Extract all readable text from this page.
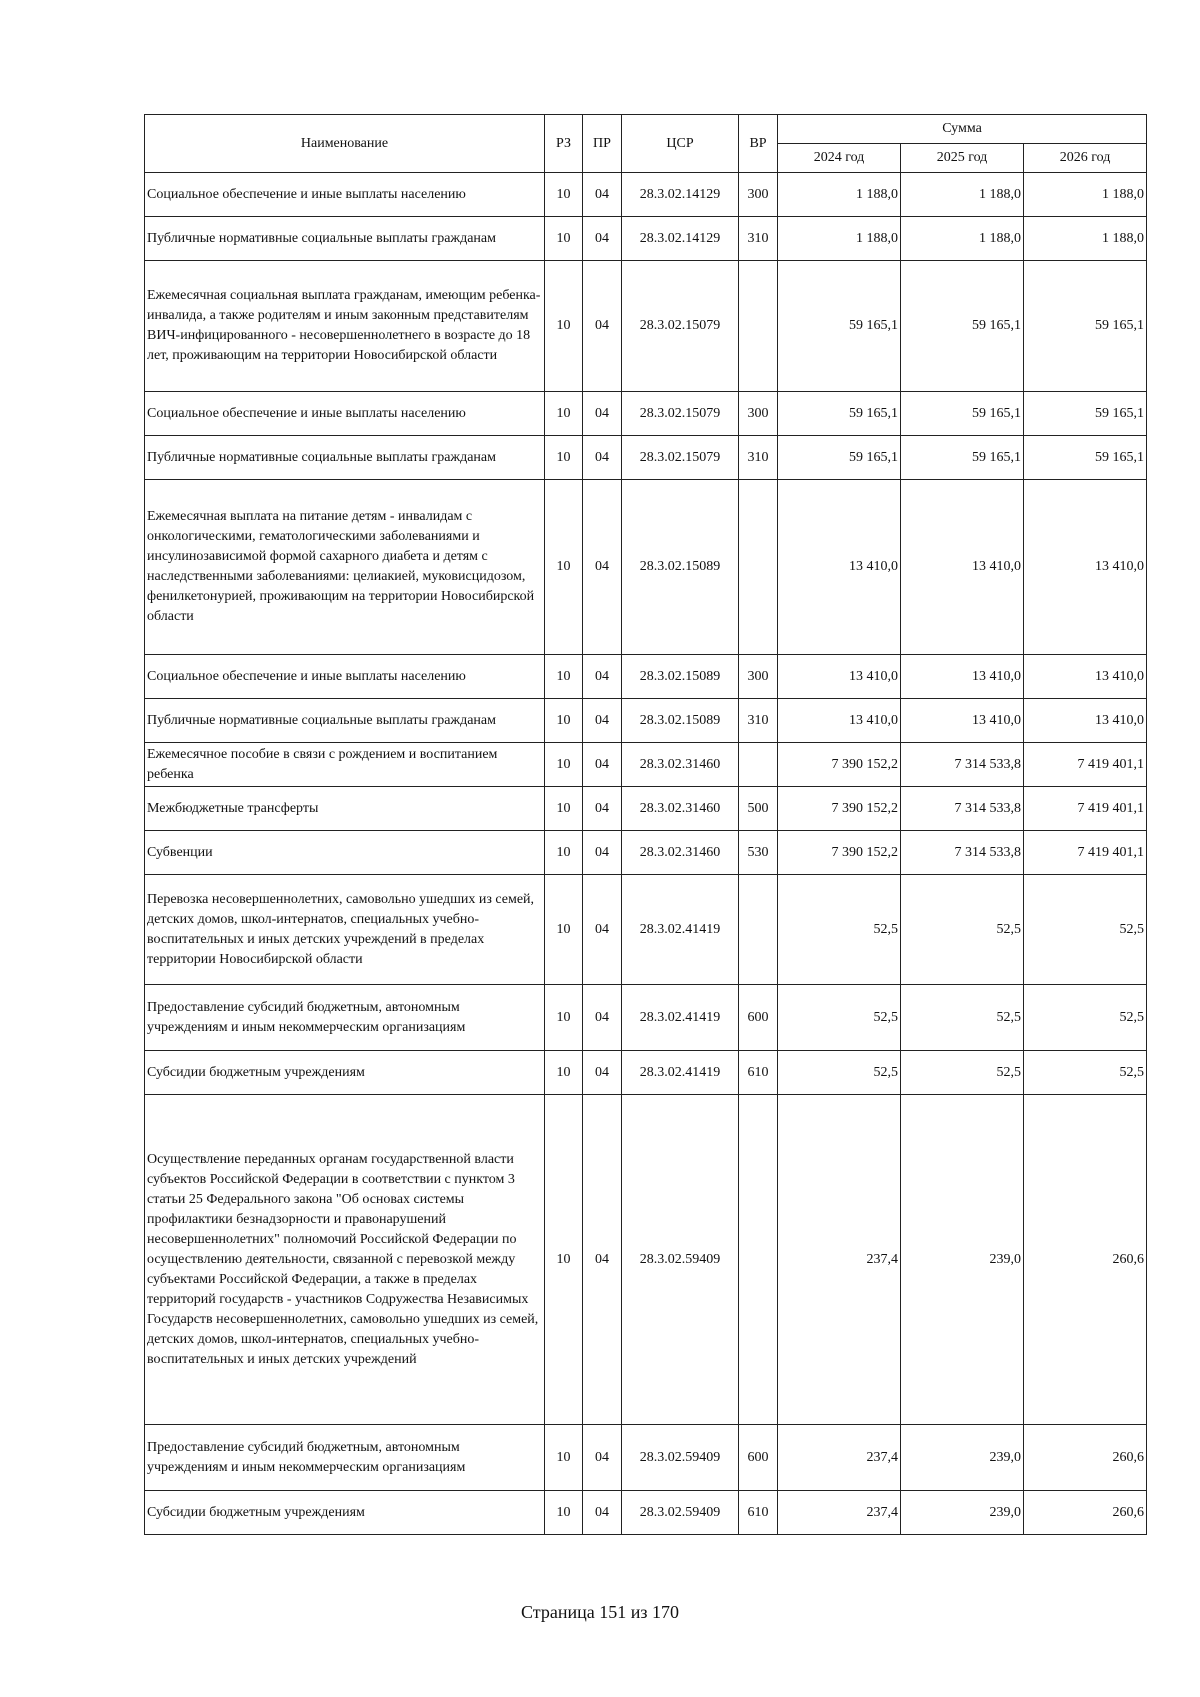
Наименование	РЗ	ПР	ЦСР	ВР	Сумма		
					2024 год	2025 год	2026 год
Социальное обеспечение и иные выплаты населению	10	04	28.3.02.14129	300	1 188,0	1 188,0	1 188,0
Публичные нормативные социальные выплаты гражданам	10	04	28.3.02.14129	310	1 188,0	1 188,0	1 188,0
Ежемесячная социальная выплата гражданам, имеющим ребенка-инвалида, а также родителям и иным законным представителям ВИЧ-инфицированного - несовершеннолетнего в возрасте до 18 лет, проживающим на территории Новосибирской области	10	04	28.3.02.15079		59 165,1	59 165,1	59 165,1
Социальное обеспечение и иные выплаты населению	10	04	28.3.02.15079	300	59 165,1	59 165,1	59 165,1
Публичные нормативные социальные выплаты гражданам	10	04	28.3.02.15079	310	59 165,1	59 165,1	59 165,1
Ежемесячная выплата на питание детям - инвалидам с онкологическими, гематологическими заболеваниями и инсулинозависимой формой сахарного диабета и детям с наследственными заболеваниями: целиакией, муковисцидозом, фенилкетонурией, проживающим на территории Новосибирской области	10	04	28.3.02.15089		13 410,0	13 410,0	13 410,0
Социальное обеспечение и иные выплаты населению	10	04	28.3.02.15089	300	13 410,0	13 410,0	13 410,0
Публичные нормативные социальные выплаты гражданам	10	04	28.3.02.15089	310	13 410,0	13 410,0	13 410,0
Ежемесячное пособие в связи с рождением и воспитанием ребенка	10	04	28.3.02.31460		7 390 152,2	7 314 533,8	7 419 401,1
Межбюджетные трансферты	10	04	28.3.02.31460	500	7 390 152,2	7 314 533,8	7 419 401,1
Субвенции	10	04	28.3.02.31460	530	7 390 152,2	7 314 533,8	7 419 401,1
Перевозка несовершеннолетних, самовольно ушедших из семей, детских домов, школ-интернатов, специальных учебно-воспитательных и иных детских учреждений в пределах территории Новосибирской области	10	04	28.3.02.41419		52,5	52,5	52,5
Предоставление субсидий бюджетным, автономным учреждениям и иным некоммерческим организациям	10	04	28.3.02.41419	600	52,5	52,5	52,5
Субсидии бюджетным учреждениям	10	04	28.3.02.41419	610	52,5	52,5	52,5
Осуществление переданных органам государственной власти субъектов Российской Федерации в соответствии с пунктом 3 статьи 25 Федерального закона "Об основах системы профилактики безнадзорности и правонарушений несовершеннолетних" полномочий Российской Федерации по осуществлению деятельности, связанной с перевозкой между субъектами Российской Федерации, а также в пределах территорий государств - участников Содружества Независимых Государств несовершеннолетних, самовольно ушедших из семей, детских домов, школ-интернатов, специальных учебно-воспитательных и иных детских учреждений	10	04	28.3.02.59409		237,4	239,0	260,6
Предоставление субсидий бюджетным, автономным учреждениям и иным некоммерческим организациям	10	04	28.3.02.59409	600	237,4	239,0	260,6
Субсидии бюджетным учреждениям	10	04	28.3.02.59409	610	237,4	239,0	260,6
Страница 151 из 170
